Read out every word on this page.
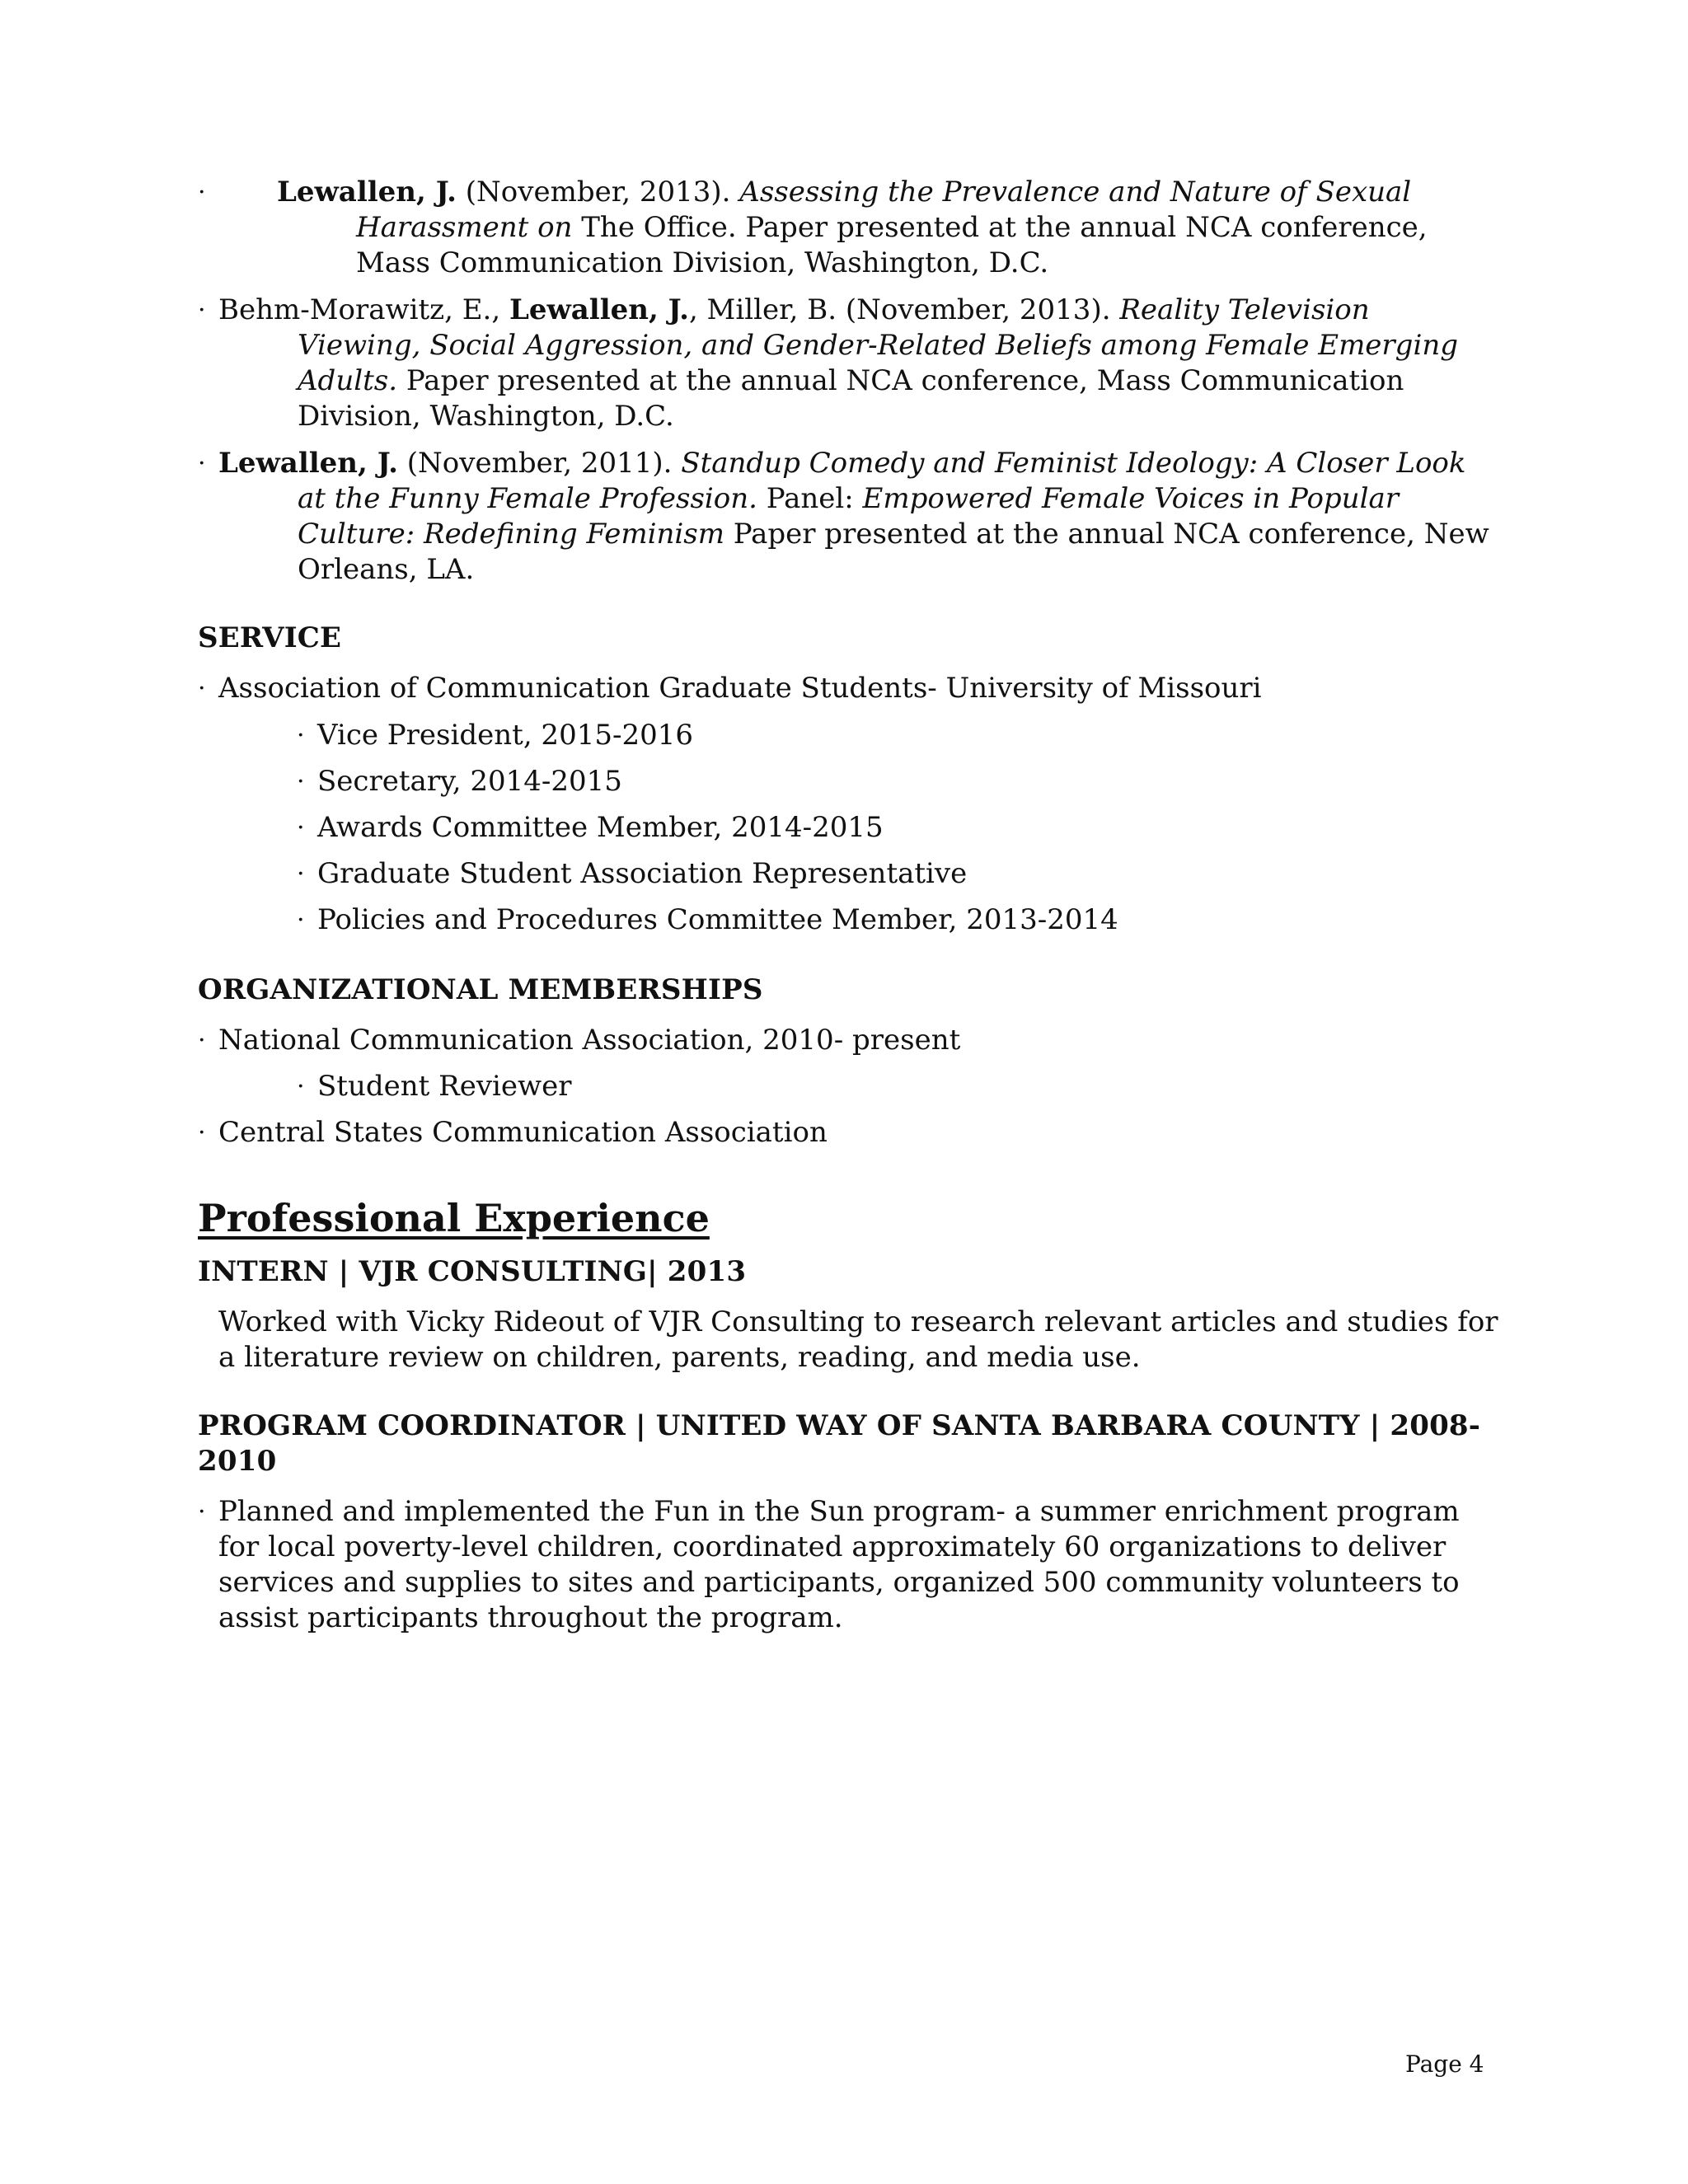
·	Lewallen, J. (November, 2013). Assessing the Prevalence and Nature of Sexual Harassment on The Office. Paper presented at the annual NCA conference, Mass Communication Division, Washington, D.C.
· Behm-Morawitz, E., Lewallen, J., Miller, B. (November, 2013). Reality Television Viewing, Social Aggression, and Gender-Related Beliefs among Female Emerging Adults. Paper presented at the annual NCA conference, Mass Communication Division, Washington, D.C.
· Lewallen, J. (November, 2011). Standup Comedy and Feminist Ideology: A Closer Look at the Funny Female Profession. Panel: Empowered Female Voices in Popular Culture: Redefining Feminism Paper presented at the annual NCA conference, New Orleans, LA.
SERVICE
· Association of Communication Graduate Students- University of Missouri
· Vice President, 2015-2016
· Secretary, 2014-2015
· Awards Committee Member, 2014-2015
· Graduate Student Association Representative
· Policies and Procedures Committee Member, 2013-2014
ORGANIZATIONAL MEMBERSHIPS
· National Communication Association, 2010- present
· Student Reviewer
· Central States Communication Association
Professional Experience
INTERN | VJR CONSULTING| 2013
Worked with Vicky Rideout of VJR Consulting to research relevant articles and studies for a literature review on children, parents, reading, and media use.
PROGRAM COORDINATOR | UNITED WAY OF SANTA BARBARA COUNTY | 2008-2010
· Planned and implemented the Fun in the Sun program- a summer enrichment program for local poverty-level children, coordinated approximately 60 organizations to deliver services and supplies to sites and participants, organized 500 community volunteers to assist participants throughout the program.
Page 4
